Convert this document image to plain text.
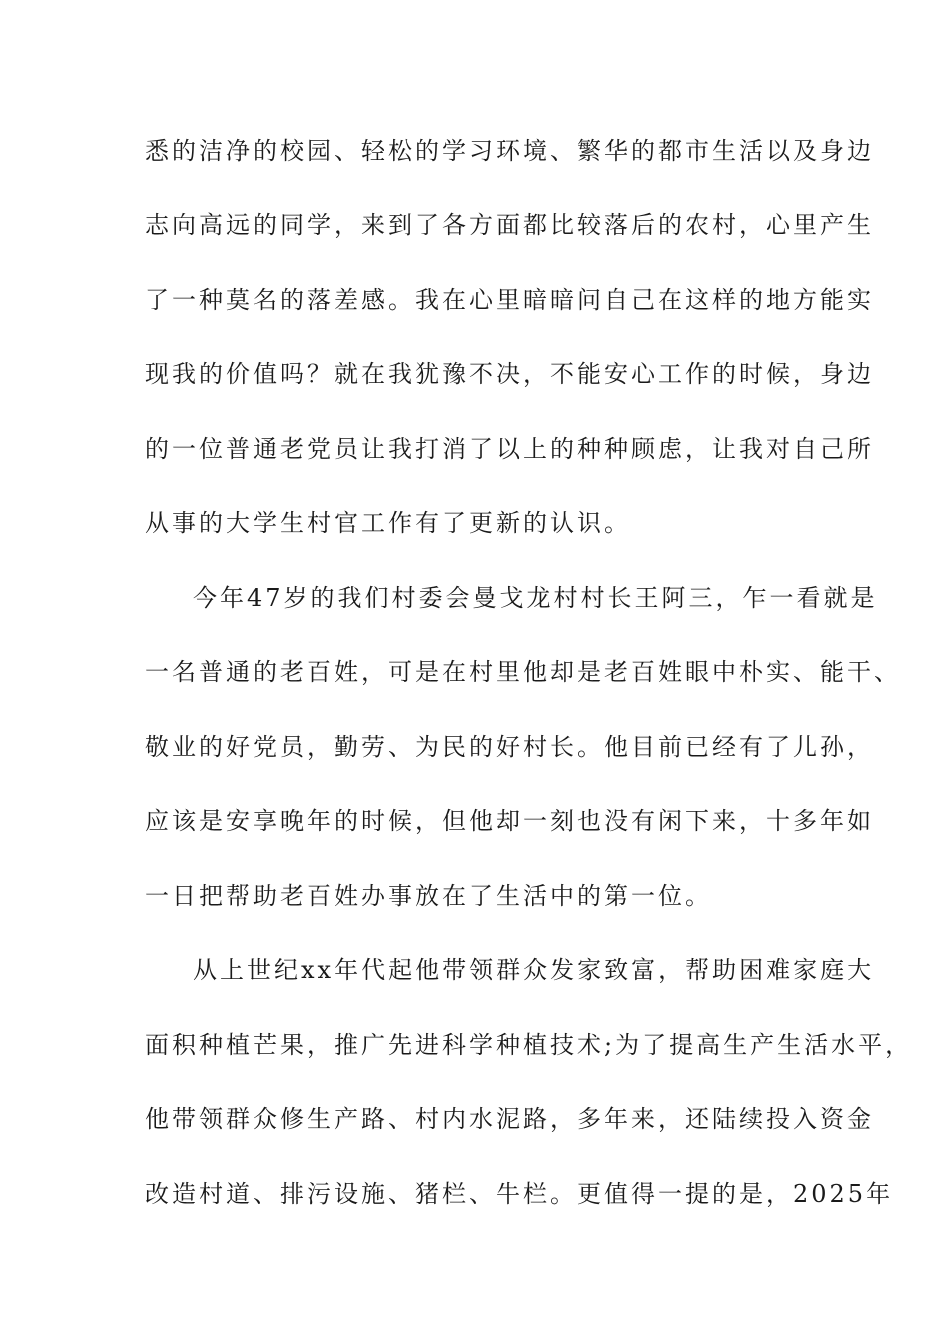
悉的洁净的校园、轻松的学习环境、繁华的都市生活以及身边
志向高远的同学，来到了各方面都比较落后的农村，心里产生
了一种莫名的落差感。我在心里暗暗问自己在这样的地方能实
现我的价值吗？就在我犹豫不决，不能安心工作的时候，身边
的一位普通老党员让我打消了以上的种种顾虑，让我对自己所
从事的大学生村官工作有了更新的认识。
今年47岁的我们村委会曼戈龙村村长王阿三，乍一看就是
一名普通的老百姓，可是在村里他却是老百姓眼中朴实、能干、
敬业的好党员，勤劳、为民的好村长。他目前已经有了儿孙，
应该是安享晚年的时候，但他却一刻也没有闲下来，十多年如
一日把帮助老百姓办事放在了生活中的第一位。
从上世纪xx年代起他带领群众发家致富，帮助困难家庭大
面积种植芒果，推广先进科学种植技术;为了提高生产生活水平，
他带领群众修生产路、村内水泥路，多年来，还陆续投入资金
改造村道、排污设施、猪栏、牛栏。更值得一提的是，2025年
